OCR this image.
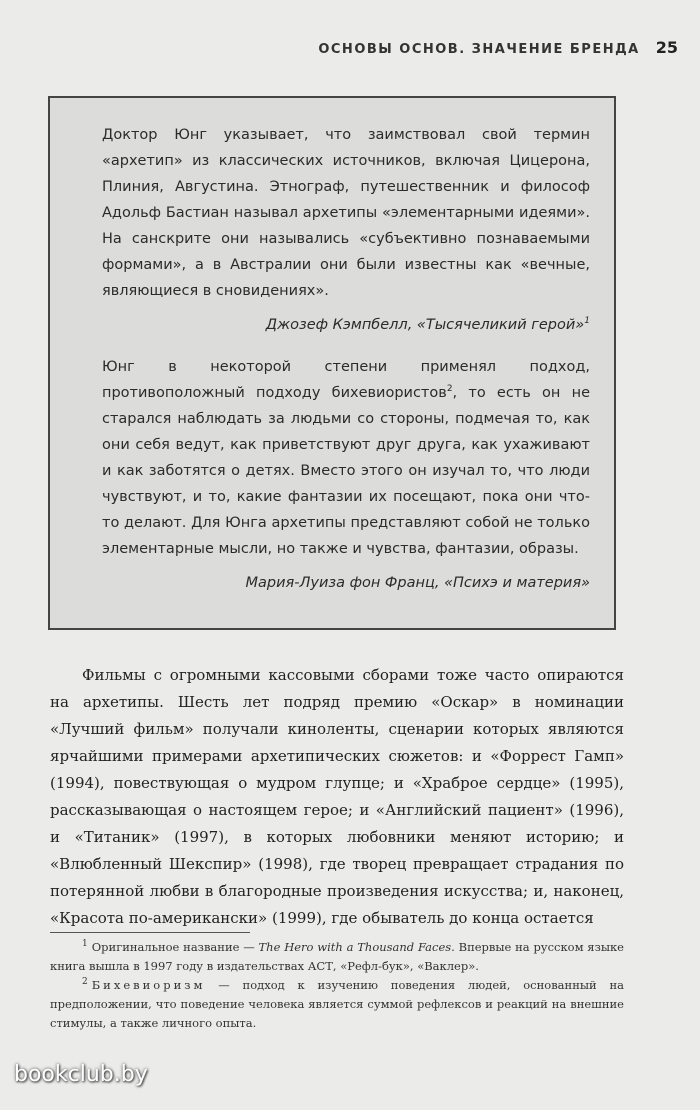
ОСНОВЫ ОСНОВ. ЗНАЧЕНИЕ БРЕНДА 25

Доктор Юнг указывает, что заимствовал свой термин «архетип» из классических источников, включая Цицерона, Плиния, Августина. Этнограф, путешественник и философ Адольф Бастиан называл архетипы «элементарными идеями». На санскрите они назывались «субъективно познаваемыми формами», а в Австралии они были известны как «вечные, являющиеся в сновидениях».

Джозеф Кэмпбелл, «Тысячеликий герой»$^1$

Юнг в некоторой степени применял подход, противоположный подходу бихевиористов$^2$, то есть он не старался наблюдать за людьми со стороны, подмечая то, как они себя ведут, как приветствуют друг друга, как ухаживают и как заботятся о детях. Вместо этого он изучал то, что люди чувствуют, и то, какие фантазии их посещают, пока они что-то делают. Для Юнга архетипы представляют собой не только элементарные мысли, но также и чувства, фантазии, образы.

Мария-Луиза фон Франц, «Психэ и материя»

Фильмы с огромными кассовыми сборами тоже часто опираются на архетипы. Шесть лет подряд премию «Оскар» в номинации «Лучший фильм» получали киноленты, сценарии которых являются ярчайшими примерами архетипических сюжетов: и «Форрест Гамп» (1994), повествующая о мудром глупце; и «Храброе сердце» (1995), рассказывающая о настоящем герое; и «Английский пациент» (1996), и «Титаник» (1997), в которых любовники меняют историю; и «Влюбленный Шекспир» (1998), где творец превращает страдания по потерянной любви в благородные произведения искусства; и, наконец, «Красота по-американски» (1999), где обыватель до конца остается

$^1$ Оригинальное название — The Hero with a Thousand Faces. Впервые на русском языке книга вышла в 1997 году в издательствах АСТ, «Рефл-бук», «Ваклер».

$^2$ Бихевиоризм — подход к изучению поведения людей, основанный на предположении, что поведение человека является суммой рефлексов и реакций на внешние стимулы, а также личного опыта.

bookclub.by
